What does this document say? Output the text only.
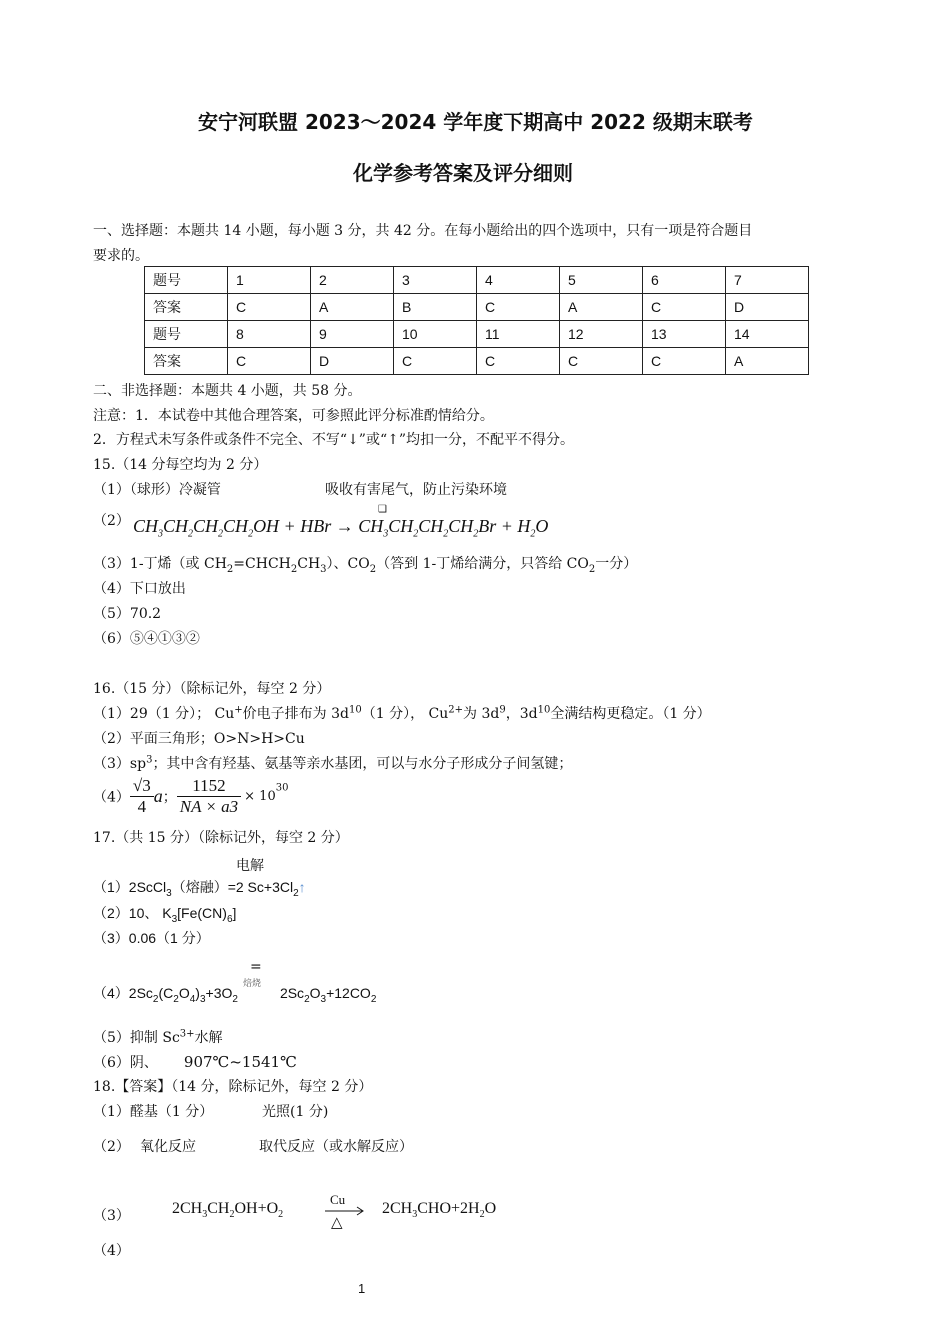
安宁河联盟 2023～2024 学年度下期高中 2022 级期末联考
化学参考答案及评分细则
一、选择题：本题共 14 小题，每小题 3 分，共 42 分。在每小题给出的四个选项中，只有一项是符合题目
要求的。
题号	1	2	3	4	5	6	7
答案	C	A	B	C	A	C	D
题号	8	9	10	11	12	13	14
答案	C	D	C	C	C	C	A
二、非选择题：本题共 4 小题，共 58 分。
注意：1．本试卷中其他合理答案，可参照此评分标准酌情给分。
2．方程式未写条件或条件不完全、不写“↓”或“↑”均扣一分，不配平不得分。
15.（14 分每空均为 2 分）
（1）（球形）冷凝管	吸收有害尾气，防止污染环境
（2）
❑
$CH_3CH_2CH_2CH_2OH$ + HBr → $CH_3CH_2CH_2CH_2Br + H_2O$
（3）1-丁烯（或 $CH_2=CHCH_2CH_3$）、$CO_2$（答到 1-丁烯给满分，只答给 $CO_2$一分）
（4）下口放出
（5）70.2
（6）⑤④①③②
16.（15 分）（除标记外，每空 2 分）
（1）29（1 分）； Cu+价电子排布为 $3d^{10}(1$ 分）， $Cu^{2+}$为 $3d^9$，$3d^{10}$全满结构更稳定。（1 分）
（2）平面三角形；O>N>H>Cu
$(3)sp^3$；其中含有羟基、氨基等亲水基团，可以与水分子形成分子间氢键；
$(4) \frac{√3}{4}$ a； $\frac{1152}{NA \times a3} \times 10^{30}$
17.（共 15 分）（除标记外，每空 2 分）
电解
（1）2ScCl$_3$（熔融）=2 $Sc+3Cl_2↑$
（2）10、 $K_3[Fe(CN)_6]$
（3）0.06（1 分）
=
焙烧
$(4)2Sc_2(C_2O_4)_3+3O_2$	$2Sc_2O_3+12CO_2$
（5）抑制 $Sc^{3+}$水解
（6）阴、 907℃~1541℃
18.【答案】（14 分，除标记外，每空 2 分）
（1）醛基（1 分）	光照(1 分)
（2） 氧化反应	取代反应（或水解反应）
（3）	$2CH_3CH_2OH+O_2$
Cu
△
$2CH_3CHO+2H_2O$
（4）
1
